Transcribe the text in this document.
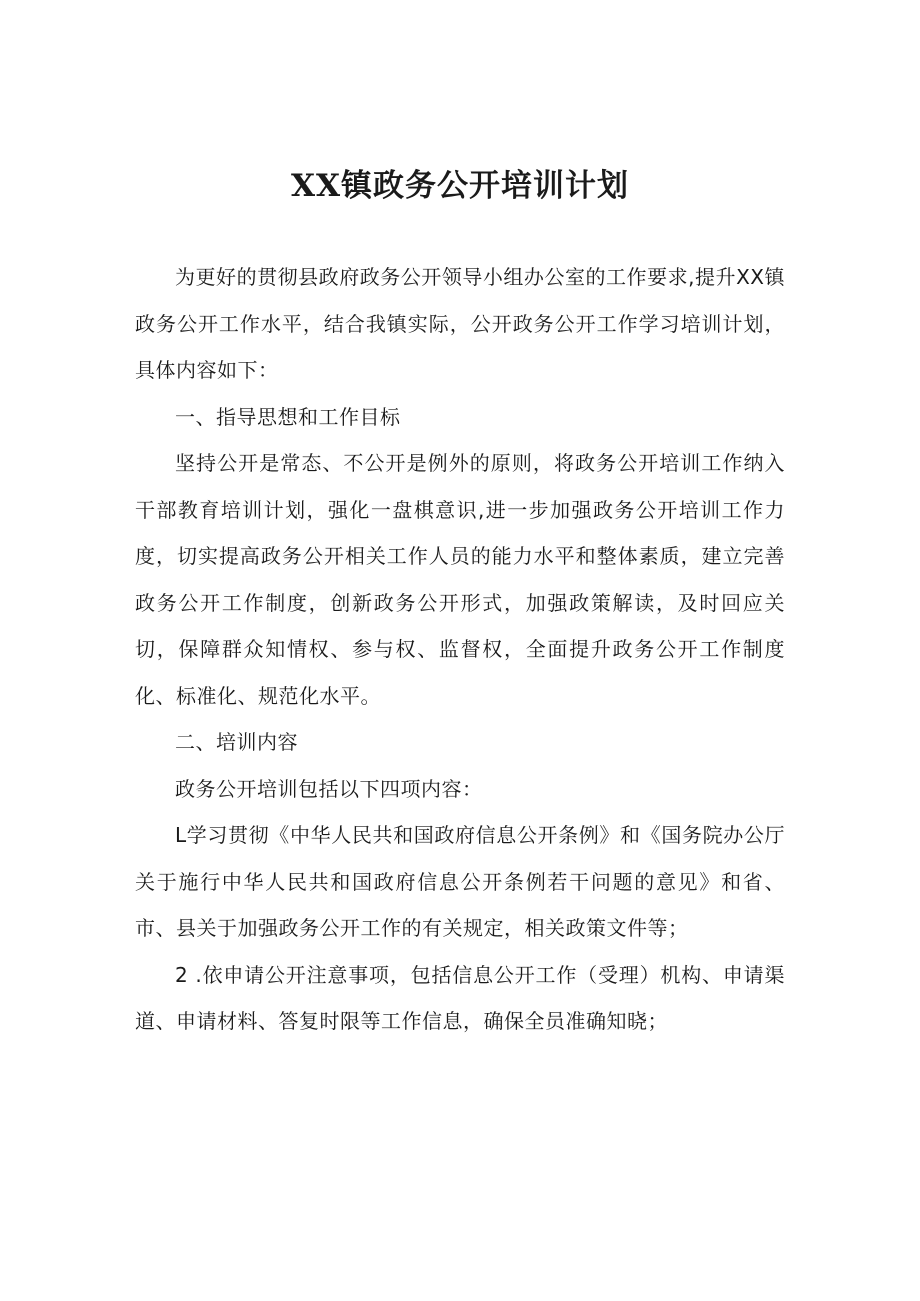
XX镇政务公开培训计划

为更好的贯彻县政府政务公开领导小组办公室的工作要求,提升XX镇政务公开工作水平，结合我镇实际，公开政务公开工作学习培训计划，具体内容如下：

一、指导思想和工作目标

坚持公开是常态、不公开是例外的原则，将政务公开培训工作纳入干部教育培训计划，强化一盘棋意识,进一步加强政务公开培训工作力度，切实提高政务公开相关工作人员的能力水平和整体素质，建立完善政务公开工作制度，创新政务公开形式，加强政策解读，及时回应关切，保障群众知情权、参与权、监督权，全面提升政务公开工作制度化、标准化、规范化水平。

二、培训内容

政务公开培训包括以下四项内容：

L学习贯彻《中华人民共和国政府信息公开条例》和《国务院办公厅关于施行中华人民共和国政府信息公开条例若干问题的意见》和省、市、县关于加强政务公开工作的有关规定，相关政策文件等；

2 .依申请公开注意事项，包括信息公开工作（受理）机构、申请渠道、申请材料、答复时限等工作信息，确保全员准确知晓；
